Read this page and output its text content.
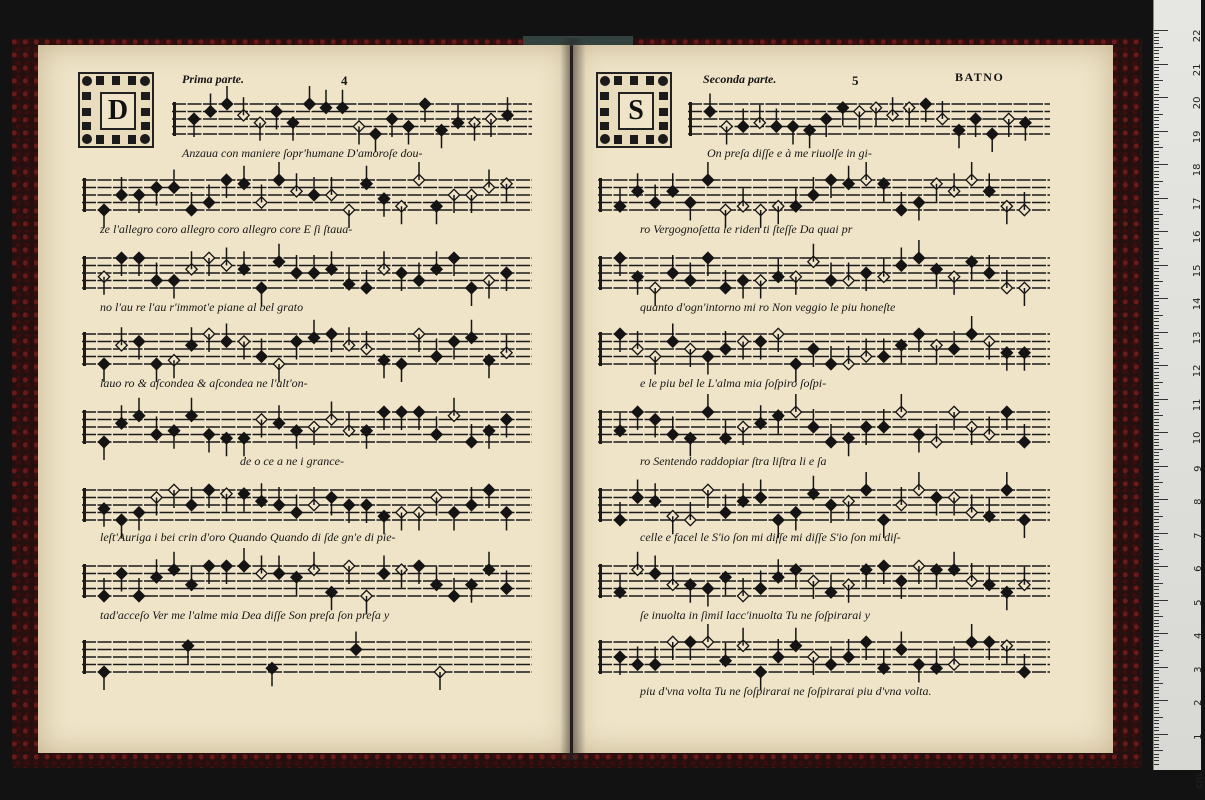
Prima parte.	4	Seconda parte.	5	BATNO
D	S
Anzaua con maniere ſopr'humane D'amoroſe dou-
ze l'allegro coro allegro coro allegro core E ſi ſtaua-
no l'au re l'au r'immot'e piane al bel grato
lauo ro & aſcondea & aſcondea ne l'alt'on-
de o ce a ne i grance-
leſt'Auriga i bei crin d'oro Quando Quando di ſde gn'e di pie-
tad'acceſo Ver me l'alme mia Dea diſſe Son preſa ſon preſa y
On preſa diſſe e à me riuolſe in gi-
ro Vergognoſetta le riden ti ſteſſe Da quai pr
quanto d'ogn'intorno mi ro Non veggio le piu honeſte
e le piu bel le L'alma mia ſoſpiro ſoſpi-
ro Sentendo raddopiar ſtra liſtra li e ſa
celle e facel le S'io ſon mi diſſe mi diſſe S'io ſon mi diſ-
ſe inuolta in ſimil lacc'inuolta Tu ne ſoſpirarai y
piu d'vna volta Tu ne ſoſpirarai ne ſoſpirarai piu d'vna volta.
cm
22
21
20
19
18
17
16
15
14
13
12
11
10
9
8
7
6
5
4
3
2
1
